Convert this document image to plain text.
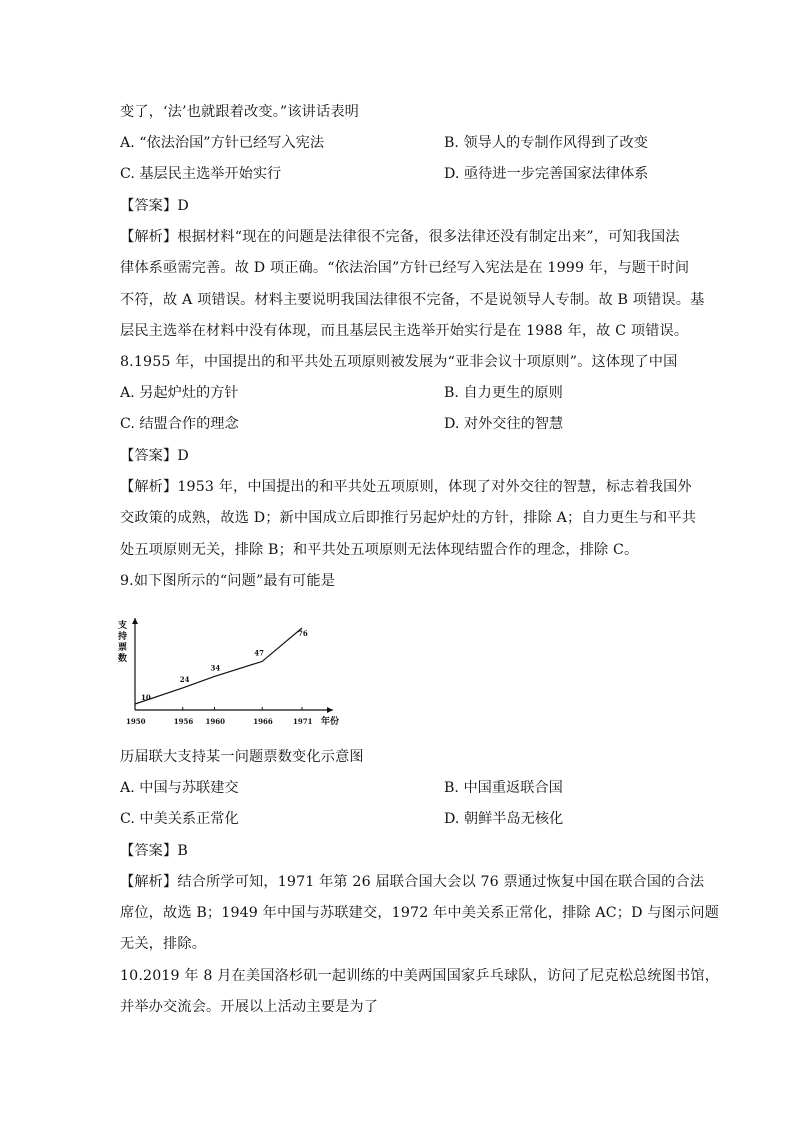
变了，‘法’也就跟着改变。”该讲话表明
A. “依法治国”方针已经写入宪法	B. 领导人的专制作风得到了改变
C. 基层民主选举开始实行	D. 亟待进一步完善国家法律体系
【答案】D
【解析】根据材料“现在的问题是法律很不完备，很多法律还没有制定出来”，可知我国法
律体系亟需完善。故 D 项正确。“依法治国”方针已经写入宪法是在 1999 年，与题干时间
不符，故 A 项错误。材料主要说明我国法律很不完备，不是说领导人专制。故 B 项错误。基
层民主选举在材料中没有体现，而且基层民主选举开始实行是在 1988 年，故 C 项错误。
8.1955 年，中国提出的和平共处五项原则被发展为“亚非会议十项原则”。这体现了中国
A. 另起炉灶的方针	B. 自力更生的原则
C. 结盟合作的理念	D. 对外交往的智慧
【答案】D
【解析】1953 年，中国提出的和平共处五项原则，体现了对外交往的智慧，标志着我国外
交政策的成熟，故选 D；新中国成立后即推行另起炉灶的方针，排除 A；自力更生与和平共
处五项原则无关，排除 B；和平共处五项原则无法体现结盟合作的理念，排除 C。
9.如下图所示的“问题”最有可能是
支
持
票
数
年份
1950	1956 1960	1966	1971
10
24
34
47
76
历届联大支持某一问题票数变化示意图
A. 中国与苏联建交	B. 中国重返联合国
C. 中美关系正常化	D. 朝鲜半岛无核化
【答案】B
【解析】结合所学可知，1971 年第 26 届联合国大会以 76 票通过恢复中国在联合国的合法
席位，故选 B；1949 年中国与苏联建交，1972 年中美关系正常化，排除 AC；D 与图示问题
无关，排除。
10.2019 年 8 月在美国洛杉矶一起训练的中美两国国家乒乓球队，访问了尼克松总统图书馆，
并举办交流会。开展以上活动主要是为了
